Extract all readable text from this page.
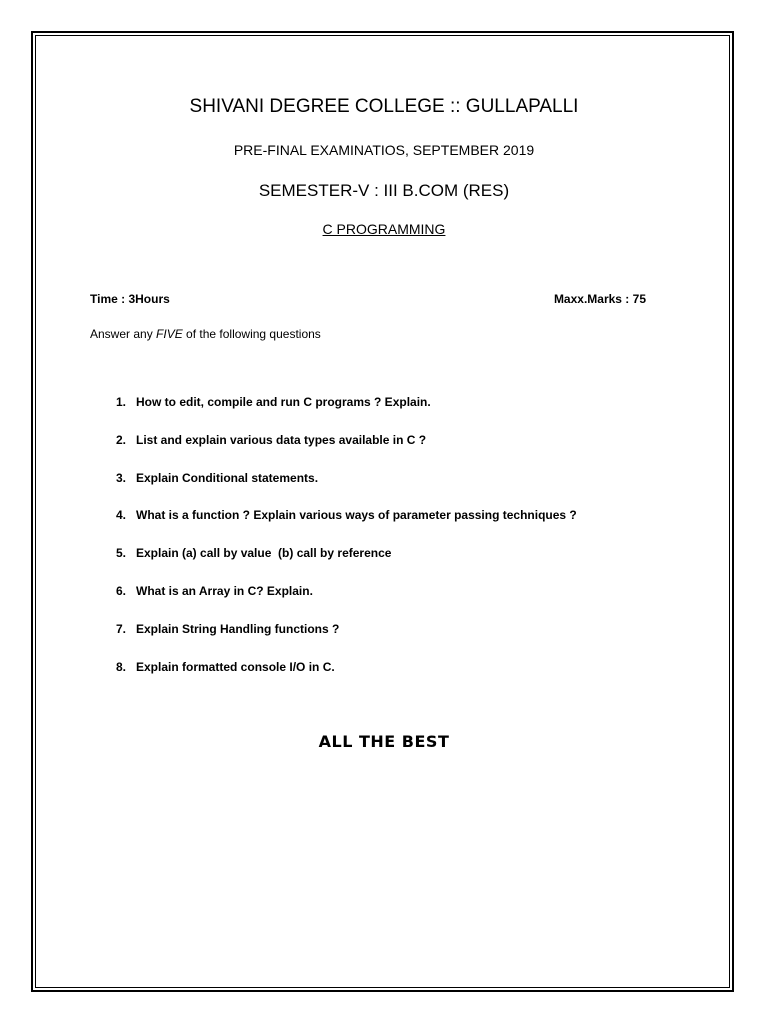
SHIVANI DEGREE COLLEGE :: GULLAPALLI
PRE-FINAL EXAMINATIOS, SEPTEMBER 2019
SEMESTER-V : III B.COM (RES)
C PROGRAMMING
Time : 3Hours	Maxx.Marks : 75
Answer any FIVE of the following questions
1. How to edit, compile and run C programs ? Explain.
2. List and explain various data types available in C ?
3. Explain Conditional statements.
4. What is a function ? Explain various ways of parameter passing techniques ?
5. Explain (a) call by value  (b) call by reference
6. What is an Array in C? Explain.
7. Explain String Handling functions ?
8. Explain formatted console I/O in C.
ALL THE BEST
